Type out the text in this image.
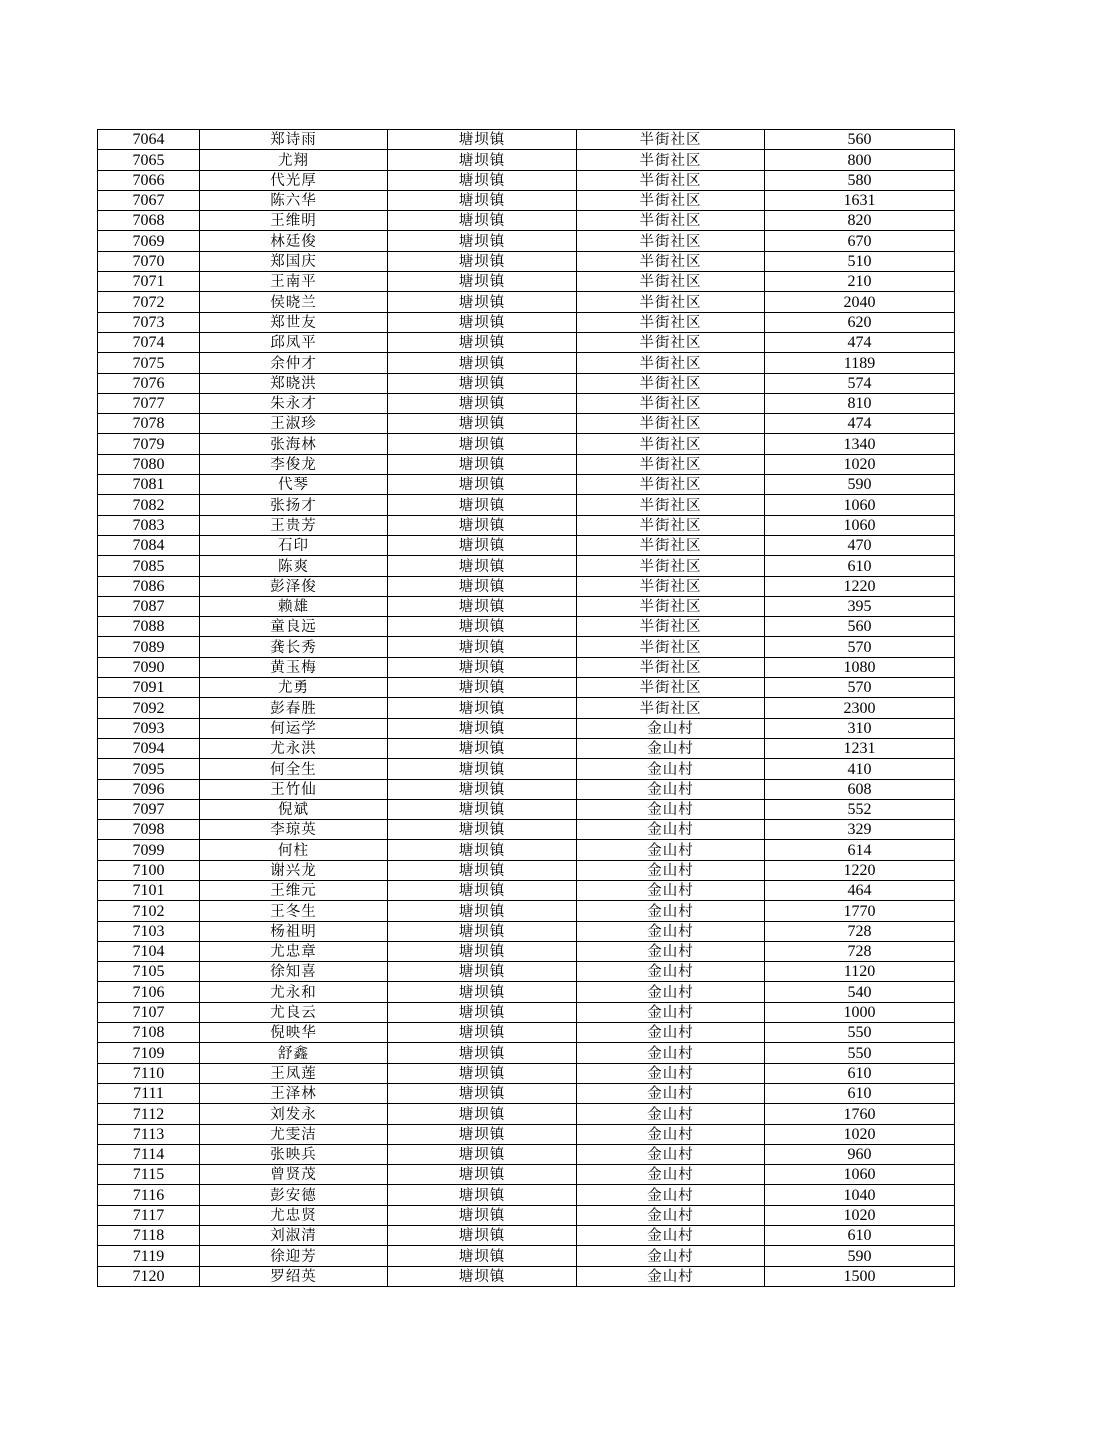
7064	郑诗雨	塘坝镇	半街社区	560
7065	尤翔	塘坝镇	半街社区	800
7066	代光厚	塘坝镇	半街社区	580
7067	陈六华	塘坝镇	半街社区	1631
7068	王维明	塘坝镇	半街社区	820
7069	林廷俊	塘坝镇	半街社区	670
7070	郑国庆	塘坝镇	半街社区	510
7071	王南平	塘坝镇	半街社区	210
7072	侯晓兰	塘坝镇	半街社区	2040
7073	郑世友	塘坝镇	半街社区	620
7074	邱凤平	塘坝镇	半街社区	474
7075	余仲才	塘坝镇	半街社区	1189
7076	郑晓洪	塘坝镇	半街社区	574
7077	朱永才	塘坝镇	半街社区	810
7078	王淑珍	塘坝镇	半街社区	474
7079	张海林	塘坝镇	半街社区	1340
7080	李俊龙	塘坝镇	半街社区	1020
7081	代琴	塘坝镇	半街社区	590
7082	张扬才	塘坝镇	半街社区	1060
7083	王贵芳	塘坝镇	半街社区	1060
7084	石印	塘坝镇	半街社区	470
7085	陈爽	塘坝镇	半街社区	610
7086	彭泽俊	塘坝镇	半街社区	1220
7087	赖雄	塘坝镇	半街社区	395
7088	童良远	塘坝镇	半街社区	560
7089	龚长秀	塘坝镇	半街社区	570
7090	黄玉梅	塘坝镇	半街社区	1080
7091	尤勇	塘坝镇	半街社区	570
7092	彭春胜	塘坝镇	半街社区	2300
7093	何运学	塘坝镇	金山村	310
7094	尤永洪	塘坝镇	金山村	1231
7095	何全生	塘坝镇	金山村	410
7096	王竹仙	塘坝镇	金山村	608
7097	倪斌	塘坝镇	金山村	552
7098	李琼英	塘坝镇	金山村	329
7099	何柱	塘坝镇	金山村	614
7100	谢兴龙	塘坝镇	金山村	1220
7101	王维元	塘坝镇	金山村	464
7102	王冬生	塘坝镇	金山村	1770
7103	杨祖明	塘坝镇	金山村	728
7104	尤忠章	塘坝镇	金山村	728
7105	徐知喜	塘坝镇	金山村	1120
7106	尤永和	塘坝镇	金山村	540
7107	尤良云	塘坝镇	金山村	1000
7108	倪映华	塘坝镇	金山村	550
7109	舒鑫	塘坝镇	金山村	550
7110	王凤莲	塘坝镇	金山村	610
7111	王泽林	塘坝镇	金山村	610
7112	刘发永	塘坝镇	金山村	1760
7113	尤雯洁	塘坝镇	金山村	1020
7114	张映兵	塘坝镇	金山村	960
7115	曾贤茂	塘坝镇	金山村	1060
7116	彭安德	塘坝镇	金山村	1040
7117	尤忠贤	塘坝镇	金山村	1020
7118	刘淑清	塘坝镇	金山村	610
7119	徐迎芳	塘坝镇	金山村	590
7120	罗绍英	塘坝镇	金山村	1500
